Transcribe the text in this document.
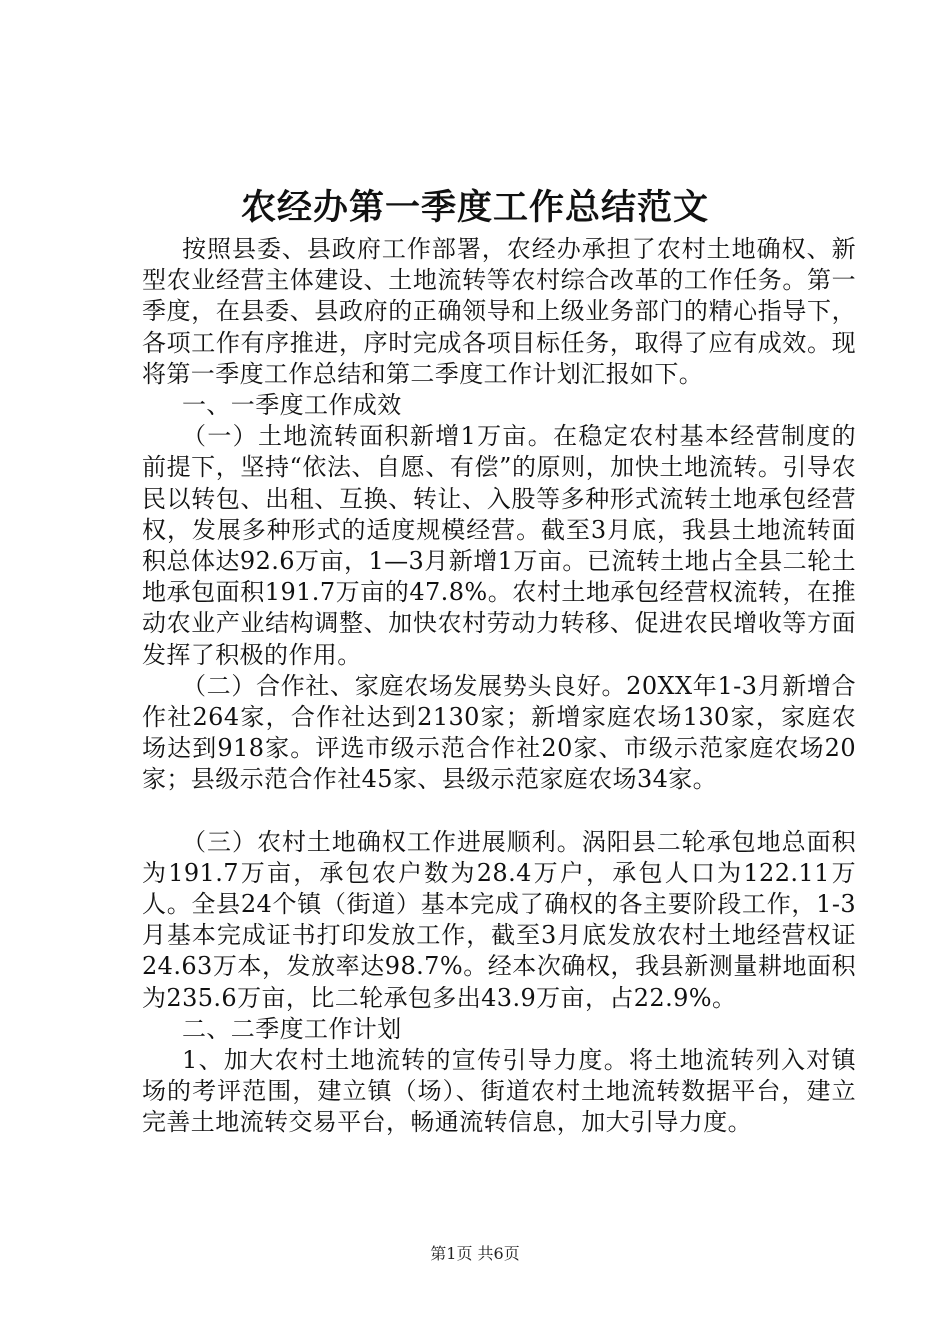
农经办第一季度工作总结范文

按照县委、县政府工作部署，农经办承担了农村土地确权、新型农业经营主体建设、土地流转等农村综合改革的工作任务。第一季度，在县委、县政府的正确领导和上级业务部门的精心指导下，各项工作有序推进，序时完成各项目标任务，取得了应有成效。现将第一季度工作总结和第二季度工作计划汇报如下。

一、一季度工作成效

（一）土地流转面积新增1万亩。在稳定农村基本经营制度的前提下，坚持“依法、自愿、有偿”的原则，加快土地流转。引导农民以转包、出租、互换、转让、入股等多种形式流转土地承包经营权，发展多种形式的适度规模经营。截至3月底，我县土地流转面积总体达92.6万亩，1—3月新增1万亩。已流转土地占全县二轮土地承包面积191.7万亩的47.8%。农村土地承包经营权流转，在推动农业产业结构调整、加快农村劳动力转移、促进农民增收等方面发挥了积极的作用。

（二）合作社、家庭农场发展势头良好。20XX年1-3月新增合作社264家，合作社达到2130家；新增家庭农场130家，家庭农场达到918家。评选市级示范合作社20家、市级示范家庭农场20家；县级示范合作社45家、县级示范家庭农场34家。

（三）农村土地确权工作进展顺利。涡阳县二轮承包地总面积为191.7万亩，承包农户数为28.4万户，承包人口为122.11万人。全县24个镇（街道）基本完成了确权的各主要阶段工作，1-3月基本完成证书打印发放工作，截至3月底发放农村土地经营权证24.63万本，发放率达98.7%。经本次确权，我县新测量耕地面积为235.6万亩，比二轮承包多出43.9万亩，占22.9%。

二、二季度工作计划

1、加大农村土地流转的宣传引导力度。将土地流转列入对镇场的考评范围，建立镇（场）、街道农村土地流转数据平台，建立完善土地流转交易平台，畅通流转信息，加大引导力度。

第1页 共6页
